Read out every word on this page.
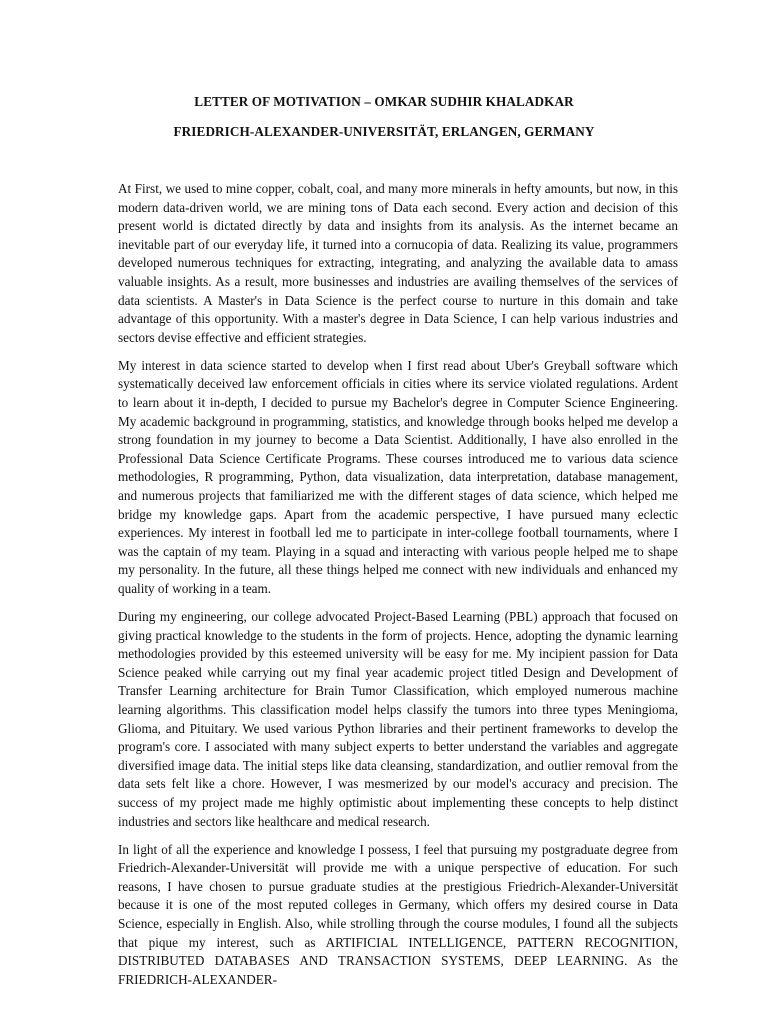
LETTER OF MOTIVATION – OMKAR SUDHIR KHALADKAR
FRIEDRICH-ALEXANDER-UNIVERSITÄT, ERLANGEN, GERMANY

At First, we used to mine copper, cobalt, coal, and many more minerals in hefty amounts, but now, in this modern data-driven world, we are mining tons of Data each second. Every action and decision of this present world is dictated directly by data and insights from its analysis. As the internet became an inevitable part of our everyday life, it turned into a cornucopia of data. Realizing its value, programmers developed numerous techniques for extracting, integrating, and analyzing the available data to amass valuable insights. As a result, more businesses and industries are availing themselves of the services of data scientists. A Master's in Data Science is the perfect course to nurture in this domain and take advantage of this opportunity. With a master's degree in Data Science, I can help various industries and sectors devise effective and efficient strategies.

My interest in data science started to develop when I first read about Uber's Greyball software which systematically deceived law enforcement officials in cities where its service violated regulations. Ardent to learn about it in-depth, I decided to pursue my Bachelor's degree in Computer Science Engineering. My academic background in programming, statistics, and knowledge through books helped me develop a strong foundation in my journey to become a Data Scientist. Additionally, I have also enrolled in the Professional Data Science Certificate Programs. These courses introduced me to various data science methodologies, R programming, Python, data visualization, data interpretation, database management, and numerous projects that familiarized me with the different stages of data science, which helped me bridge my knowledge gaps. Apart from the academic perspective, I have pursued many eclectic experiences. My interest in football led me to participate in inter-college football tournaments, where I was the captain of my team. Playing in a squad and interacting with various people helped me to shape my personality. In the future, all these things helped me connect with new individuals and enhanced my quality of working in a team.

During my engineering, our college advocated Project-Based Learning (PBL) approach that focused on giving practical knowledge to the students in the form of projects. Hence, adopting the dynamic learning methodologies provided by this esteemed university will be easy for me. My incipient passion for Data Science peaked while carrying out my final year academic project titled Design and Development of Transfer Learning architecture for Brain Tumor Classification, which employed numerous machine learning algorithms. This classification model helps classify the tumors into three types Meningioma, Glioma, and Pituitary. We used various Python libraries and their pertinent frameworks to develop the program's core. I associated with many subject experts to better understand the variables and aggregate diversified image data. The initial steps like data cleansing, standardization, and outlier removal from the data sets felt like a chore. However, I was mesmerized by our model's accuracy and precision. The success of my project made me highly optimistic about implementing these concepts to help distinct industries and sectors like healthcare and medical research.

In light of all the experience and knowledge I possess, I feel that pursuing my postgraduate degree from Friedrich-Alexander-Universität will provide me with a unique perspective of education. For such reasons, I have chosen to pursue graduate studies at the prestigious Friedrich-Alexander-Universität because it is one of the most reputed colleges in Germany, which offers my desired course in Data Science, especially in English. Also, while strolling through the course modules, I found all the subjects that pique my interest, such as ARTIFICIAL INTELLIGENCE, PATTERN RECOGNITION, DISTRIBUTED DATABASES AND TRANSACTION SYSTEMS, DEEP LEARNING. As the FRIEDRICH-ALEXANDER-
